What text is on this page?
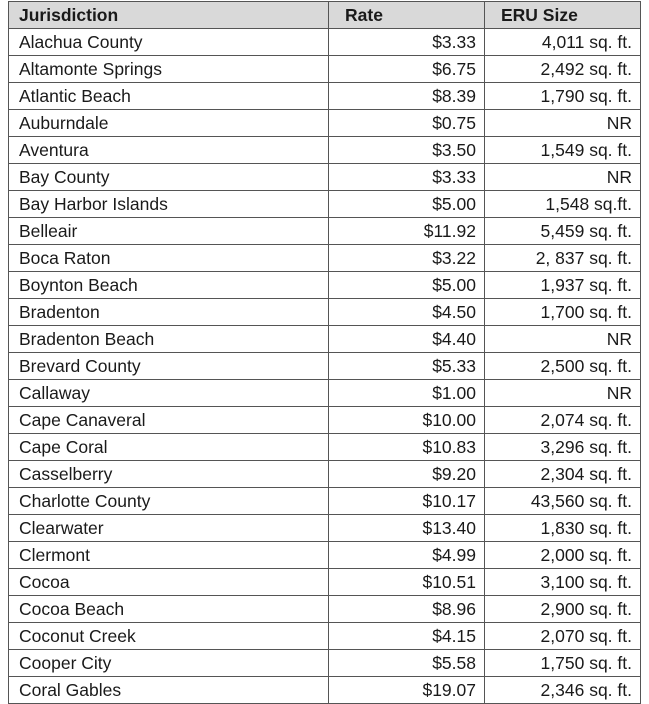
Jurisdiction	Rate	ERU Size
Alachua County	$3.33	4,011 sq. ft.
Altamonte Springs	$6.75	2,492 sq. ft.
Atlantic Beach	$8.39	1,790 sq. ft.
Auburndale	$0.75	NR
Aventura	$3.50	1,549 sq. ft.
Bay County	$3.33	NR
Bay Harbor Islands	$5.00	1,548 sq.ft.
Belleair	$11.92	5,459 sq. ft.
Boca Raton	$3.22	2, 837 sq. ft.
Boynton Beach	$5.00	1,937 sq. ft.
Bradenton	$4.50	1,700 sq. ft.
Bradenton Beach	$4.40	NR
Brevard County	$5.33	2,500 sq. ft.
Callaway	$1.00	NR
Cape Canaveral	$10.00	2,074 sq. ft.
Cape Coral	$10.83	3,296 sq. ft.
Casselberry	$9.20	2,304 sq. ft.
Charlotte County	$10.17	43,560 sq. ft.
Clearwater	$13.40	1,830 sq. ft.
Clermont	$4.99	2,000 sq. ft.
Cocoa	$10.51	3,100 sq. ft.
Cocoa Beach	$8.96	2,900 sq. ft.
Coconut Creek	$4.15	2,070 sq. ft.
Cooper City	$5.58	1,750 sq. ft.
Coral Gables	$19.07	2,346 sq. ft.
